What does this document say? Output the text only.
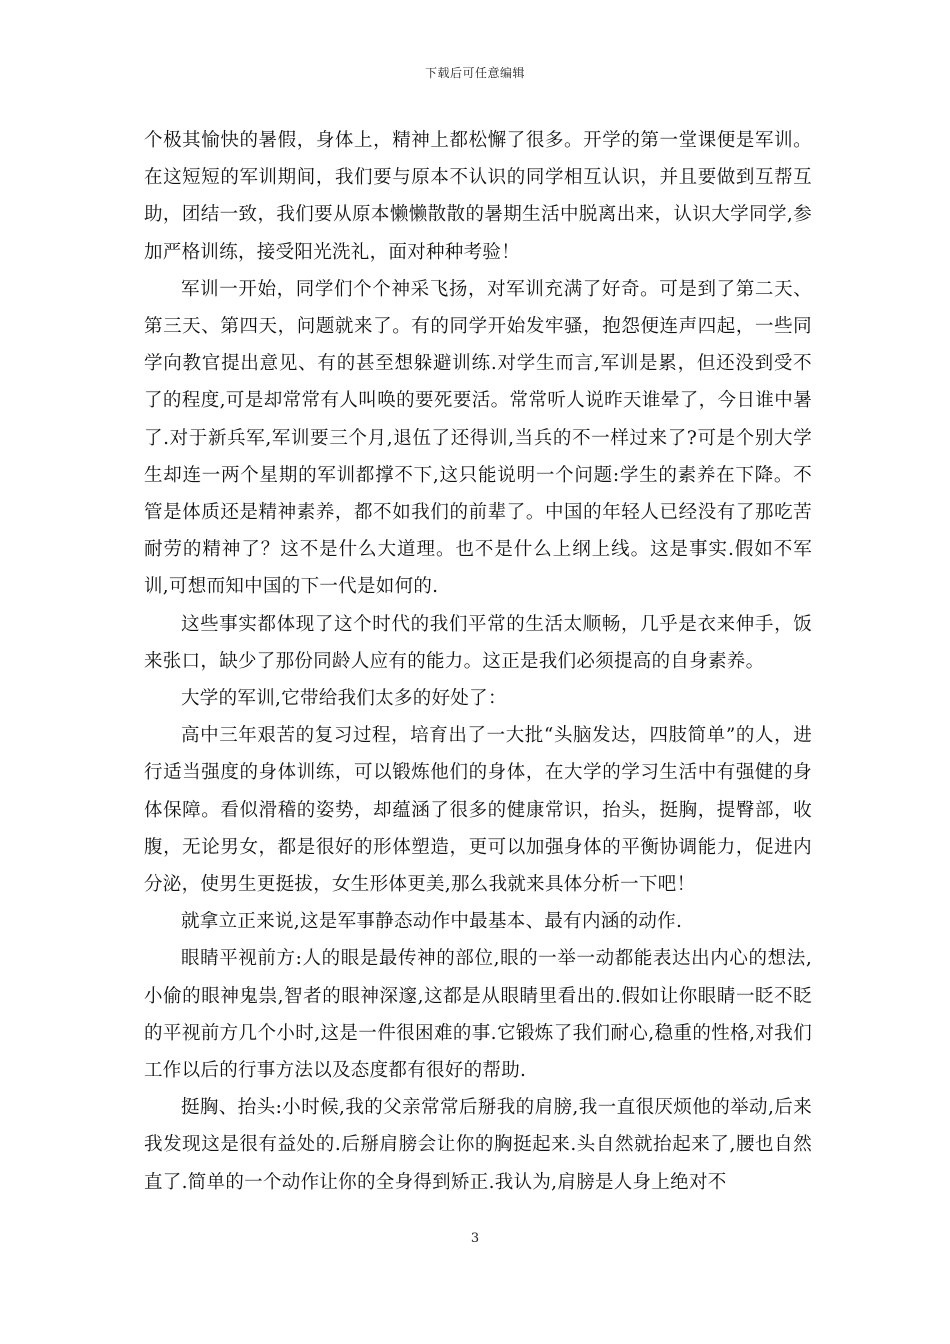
下载后可任意编辑

个极其愉快的暑假，身体上，精神上都松懈了很多。开学的第一堂课便是军训。在这短短的军训期间，我们要与原本不认识的同学相互认识，并且要做到互帮互助，团结一致，我们要从原本懒懒散散的暑期生活中脱离出来，认识大学同学,参加严格训练，接受阳光洗礼，面对种种考验！

军训一开始，同学们个个神采飞扬，对军训充满了好奇。可是到了第二天、第三天、第四天，问题就来了。有的同学开始发牢骚，抱怨便连声四起，一些同学向教官提出意见、有的甚至想躲避训练.对学生而言,军训是累，但还没到受不了的程度,可是却常常有人叫唤的要死要活。常常听人说昨天谁晕了，今日谁中暑了.对于新兵军,军训要三个月,退伍了还得训,当兵的不一样过来了?可是个别大学生却连一两个星期的军训都撑不下,这只能说明一个问题:学生的素养在下降。不管是体质还是精神素养，都不如我们的前辈了。中国的年轻人已经没有了那吃苦耐劳的精神了？这不是什么大道理。也不是什么上纲上线。这是事实.假如不军训,可想而知中国的下一代是如何的.

这些事实都体现了这个时代的我们平常的生活太顺畅，几乎是衣来伸手，饭来张口，缺少了那份同龄人应有的能力。这正是我们必须提高的自身素养。

大学的军训,它带给我们太多的好处了：

高中三年艰苦的复习过程，培育出了一大批“头脑发达，四肢简单”的人，进行适当强度的身体训练，可以锻炼他们的身体，在大学的学习生活中有强健的身体保障。看似滑稽的姿势，却蕴涵了很多的健康常识，抬头，挺胸，提臀部，收腹，无论男女，都是很好的形体塑造，更可以加强身体的平衡协调能力，促进内分泌，使男生更挺拔，女生形体更美,那么我就来具体分析一下吧！

就拿立正来说,这是军事静态动作中最基本、最有内涵的动作.

眼睛平视前方:人的眼是最传神的部位,眼的一举一动都能表达出内心的想法,小偷的眼神鬼祟,智者的眼神深邃,这都是从眼睛里看出的.假如让你眼睛一眨不眨的平视前方几个小时,这是一件很困难的事.它锻炼了我们耐心,稳重的性格,对我们工作以后的行事方法以及态度都有很好的帮助.

挺胸、抬头:小时候,我的父亲常常后掰我的肩膀,我一直很厌烦他的举动,后来我发现这是很有益处的.后掰肩膀会让你的胸挺起来.头自然就抬起来了,腰也自然直了.简单的一个动作让你的全身得到矫正.我认为,肩膀是人身上绝对不

3
